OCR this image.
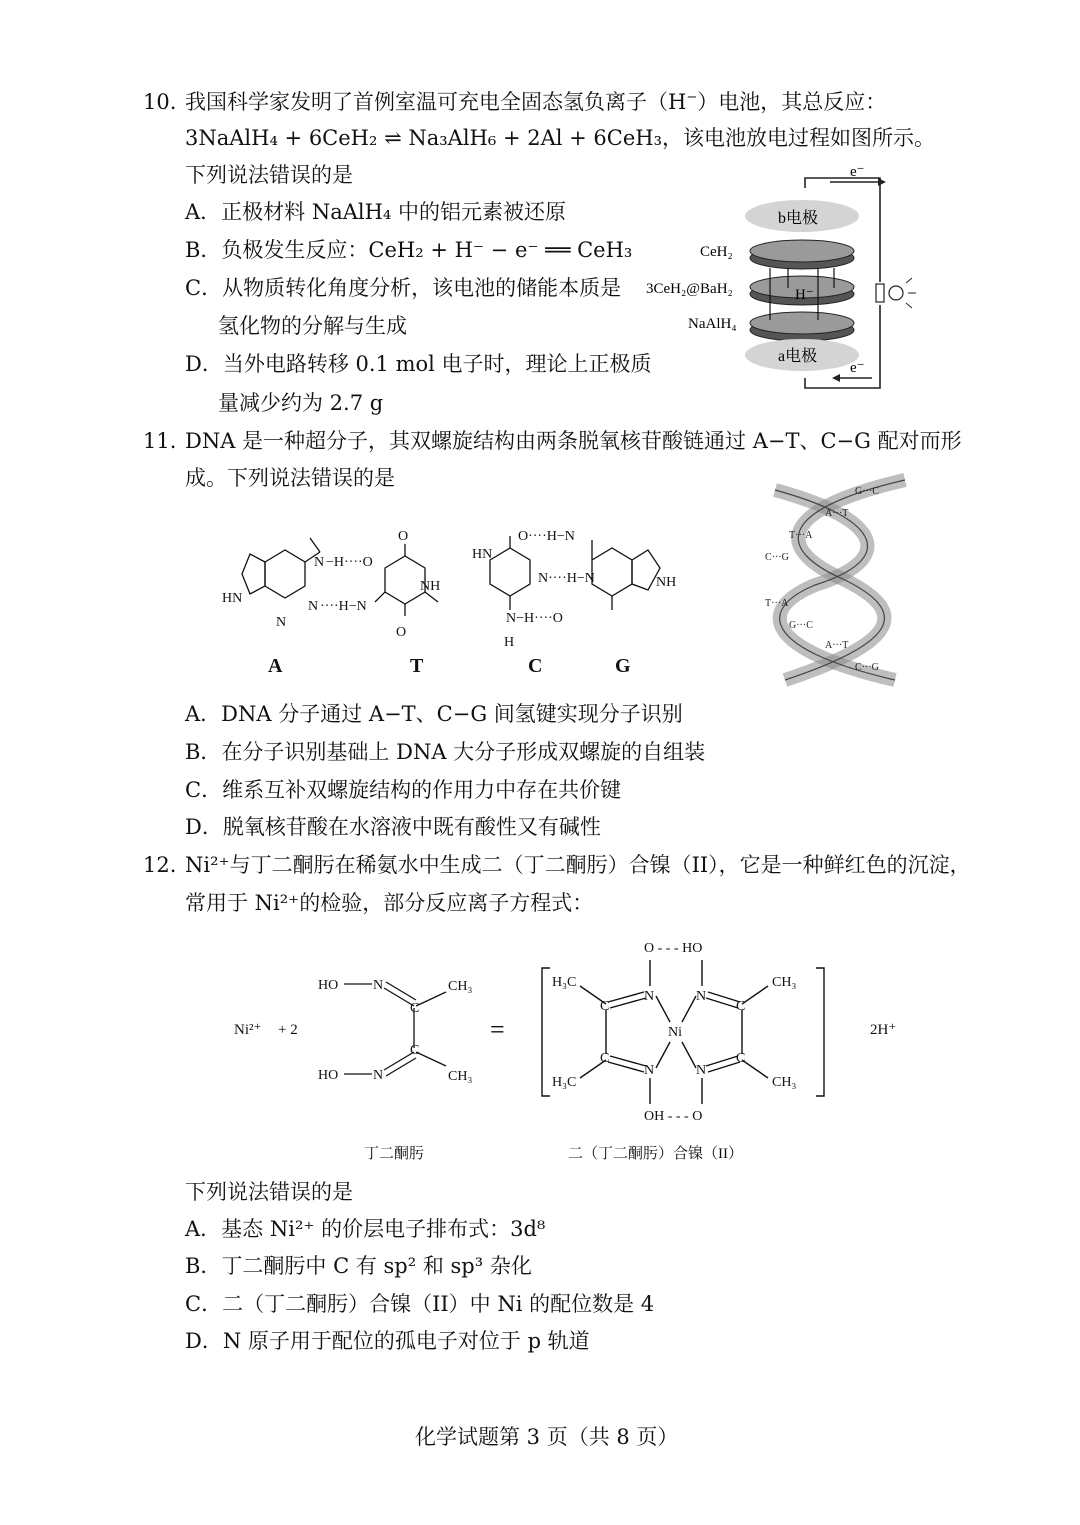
10. 我国科学家发明了首例室温可充电全固态氢负离子（H−）电池，其总反应：
3NaAlH₄ + 6CeH₂ ⇌ Na₃AlH₆ + 2Al + 6CeH₃，该电池放电过程如图所示。
下列说法错误的是
A．正极材料 NaAlH₄ 中的铝元素被还原
B．负极发生反应：CeH₂ + H⁻ − e⁻ ══ CeH₃
C．从物质转化角度分析，该电池的储能本质是
氢化物的分解与生成
D．当外电路转移 0.1 mol 电子时，理论上正极质
量减少约为 2.7 g
e⁻
e⁻
b电极
CeH₂
3CeH₂@BaH₂
NaAlH₄
H⁻
a电极
11. DNA 是一种超分子，其双螺旋结构由两条脱氧核苷酸链通过 A−T、C−G 配对而形
成。下列说法错误的是
N −H····O
N ····H−N
HN
N
O
NH
O
O····H−N
N····H−N
HN
N−H····O
H
NH
A	T	C	G
G···C
A···T
T···A
C···G
T···A
G···C
A···T
C···G
A．DNA 分子通过 A−T、C−G 间氢键实现分子识别
B．在分子识别基础上 DNA 大分子形成双螺旋的自组装
C．维系互补双螺旋结构的作用力中存在共价键
D．脱氧核苷酸在水溶液中既有酸性又有碱性
12. Ni²⁺与丁二酮肟在稀氨水中生成二（丁二酮肟）合镍（II），它是一种鲜红色的沉淀，
常用于 Ni²⁺的检验，部分反应离子方程式：
Ni²⁺ + 2
HO N
C
CH₃
HO N
C
CH₃
=
O - - - HO
N	N
Ni
N	N
C	C
C	C
H₃C	CH₃
H₃C	CH₃
OH - - - O
2H⁺
丁二酮肟	二（丁二酮肟）合镍（II）
下列说法错误的是
A．基态 Ni²⁺ 的价层电子排布式：3d⁸
B．丁二酮肟中 C 有 sp² 和 sp³ 杂化
C．二（丁二酮肟）合镍（II）中 Ni 的配位数是 4
D．N 原子用于配位的孤电子对位于 p 轨道
化学试题第 3 页（共 8 页）
